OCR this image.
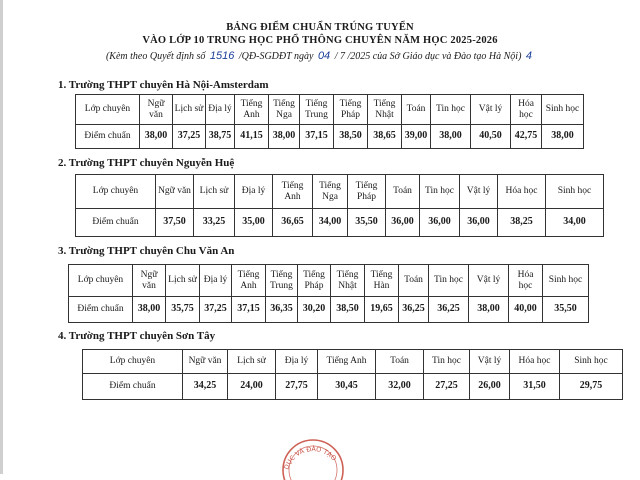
BẢNG ĐIỂM CHUẨN TRÚNG TUYỂN
VÀO LỚP 10 TRUNG HỌC PHỔ THÔNG CHUYÊN NĂM HỌC 2025-2026
(Kèm theo Quyết định số 1516 /QĐ-SGDĐT ngày 04 / 7 /2025 của Sở Giáo dục và Đào tạo Hà Nội) 4
1. Trường THPT chuyên Hà Nội-Amsterdam
Lớp chuyên	Ngữ văn	Lịch sử	Địa lý	Tiếng Anh	Tiếng Nga	Tiếng Trung	Tiếng Pháp	Tiếng Nhật	Toán	Tin học	Vật lý	Hóa học	Sinh học
Điểm chuẩn	38,00	37,25	38,75	41,15	38,00	37,15	38,50	38,65	39,00	38,00	40,50	42,75	38,00
2. Trường THPT chuyên Nguyễn Huệ
Lớp chuyên	Ngữ văn	Lịch sử	Địa lý	Tiếng Anh	Tiếng Nga	Tiếng Pháp	Toán	Tin học	Vật lý	Hóa học	Sinh học
Điểm chuẩn	37,50	33,25	35,00	36,65	34,00	35,50	36,00	36,00	36,00	38,25	34,00
3. Trường THPT chuyên Chu Văn An
Lớp chuyên	Ngữ văn	Lịch sử	Địa lý	Tiếng Anh	Tiếng Trung	Tiếng Pháp	Tiếng Nhật	Tiếng Hàn	Toán	Tin học	Vật lý	Hóa học	Sinh học
Điểm chuẩn	38,00	35,75	37,25	37,15	36,35	30,20	38,50	19,65	36,25	36,25	38,00	40,00	35,50
4. Trường THPT chuyên Sơn Tây
Lớp chuyên	Ngữ văn	Lịch sử	Địa lý	Tiếng Anh	Toán	Tin học	Vật lý	Hóa học	Sinh học
Điểm chuẩn	34,25	24,00	27,75	30,45	32,00	27,25	26,00	31,50	29,75
DỤC VÀ ĐÀO TẠO
